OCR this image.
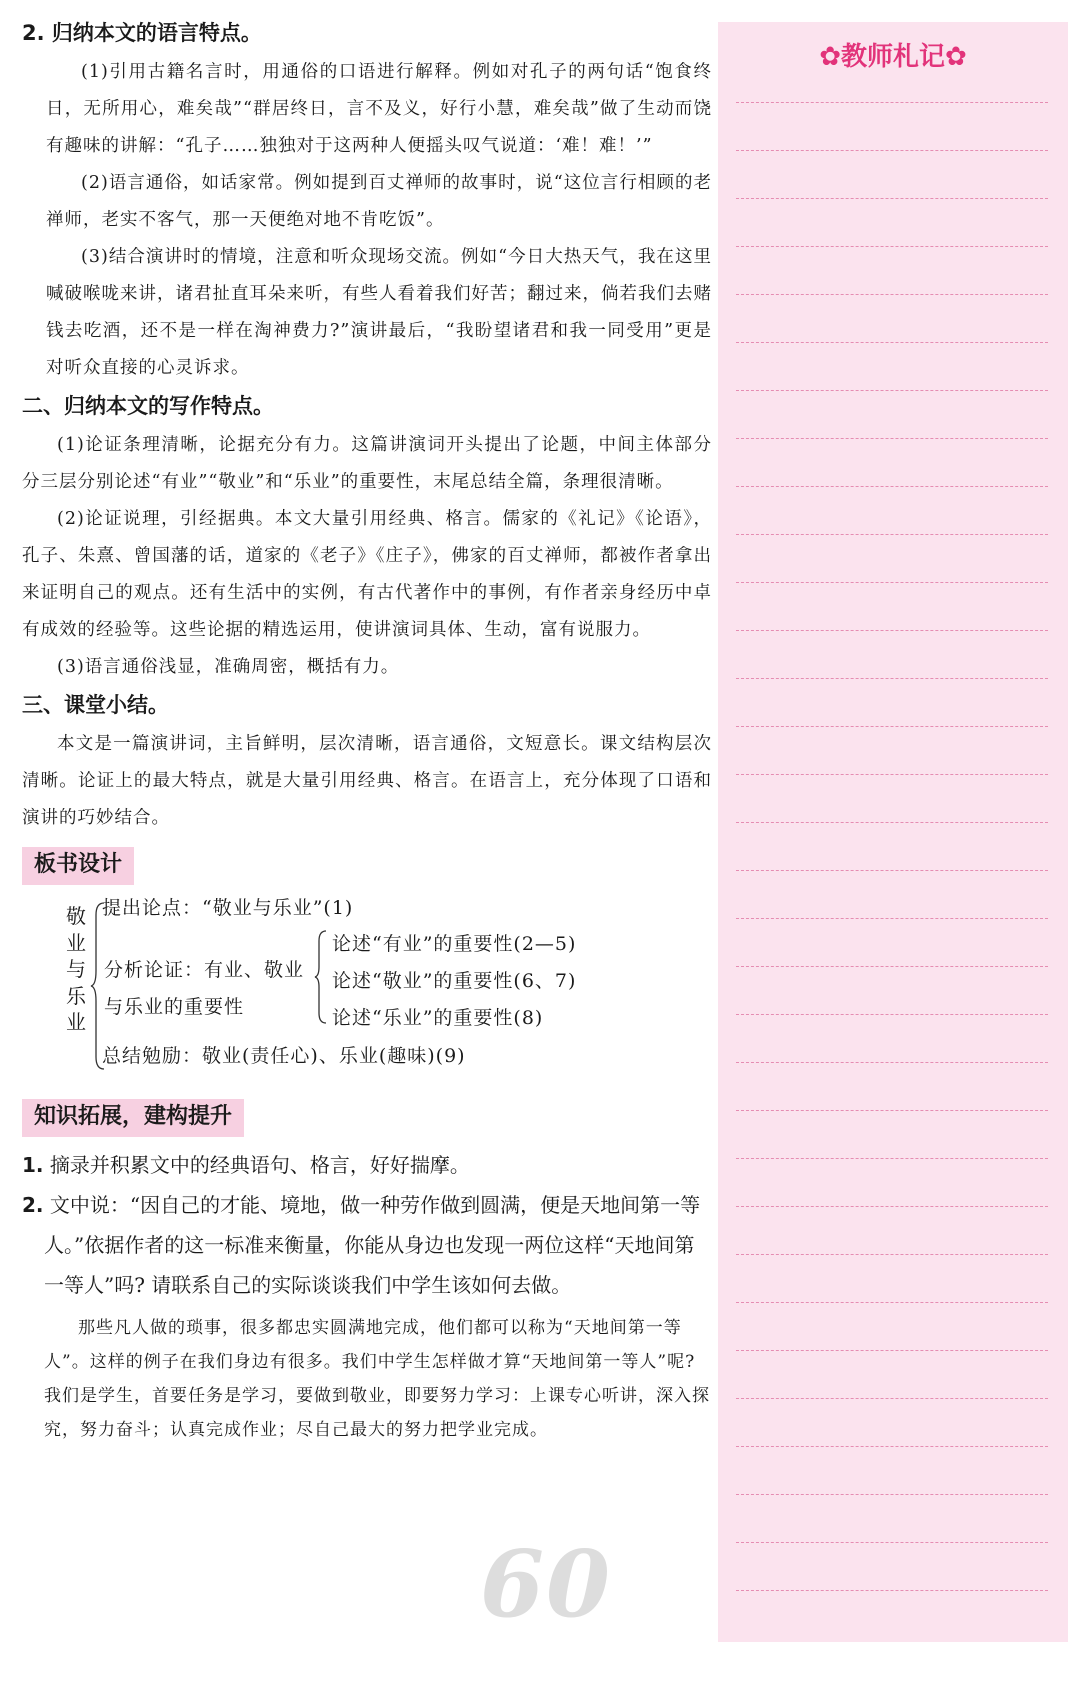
2. 归纳本文的语言特点。

(1)引用古籍名言时，用通俗的口语进行解释。例如对孔子的两句话“饱食终日，无所用心，难矣哉”“群居终日，言不及义，好行小慧，难矣哉”做了生动而饶有趣味的讲解：“孔子……独独对于这两种人便摇头叹气说道：‘难！难！’”

(2)语言通俗，如话家常。例如提到百丈禅师的故事时，说“这位言行相顾的老禅师，老实不客气，那一天便绝对地不肯吃饭”。

(3)结合演讲时的情境，注意和听众现场交流。例如“今日大热天气，我在这里喊破喉咙来讲，诸君扯直耳朵来听，有些人看着我们好苦；翻过来，倘若我们去赌钱去吃酒，还不是一样在淘神费力?”演讲最后，“我盼望诸君和我一同受用”更是对听众直接的心灵诉求。

二、归纳本文的写作特点。

(1)论证条理清晰，论据充分有力。这篇讲演词开头提出了论题，中间主体部分分三层分别论述“有业”“敬业”和“乐业”的重要性，末尾总结全篇，条理很清晰。

(2)论证说理，引经据典。本文大量引用经典、格言。儒家的《礼记》《论语》，孔子、朱熹、曾国藩的话，道家的《老子》《庄子》，佛家的百丈禅师，都被作者拿出来证明自己的观点。还有生活中的实例，有古代著作中的事例，有作者亲身经历中卓有成效的经验等。这些论据的精选运用，使讲演词具体、生动，富有说服力。

(3)语言通俗浅显，准确周密，概括有力。

三、课堂小结。

本文是一篇演讲词，主旨鲜明，层次清晰，语言通俗，文短意长。课文结构层次清晰。论证上的最大特点，就是大量引用经典、格言。在语言上，充分体现了口语和演讲的巧妙结合。

板书设计
提出论点：“敬业与乐业”(1)
敬业与乐业
分析论证：有业、敬业
与乐业的重要性
论述“有业”的重要性(2—5)
论述“敬业”的重要性(6、7)
论述“乐业”的重要性(8)
总结勉励：敬业(责任心)、乐业(趣味)(9)
知识拓展，建构提升

1. 摘录并积累文中的经典语句、格言，好好揣摩。

2. 文中说：“因自己的才能、境地，做一种劳作做到圆满，便是天地间第一等人。”依据作者的这一标准来衡量，你能从身边也发现一两位这样“天地间第一等人”吗? 请联系自己的实际谈谈我们中学生该如何去做。

那些凡人做的琐事，很多都忠实圆满地完成，他们都可以称为“天地间第一等人”。这样的例子在我们身边有很多。我们中学生怎样做才算“天地间第一等人”呢? 我们是学生，首要任务是学习，要做到敬业，即要努力学习：上课专心听讲，深入探究，努力奋斗；认真完成作业；尽自己最大的努力把学业完成。

60
✿教师札记✿
